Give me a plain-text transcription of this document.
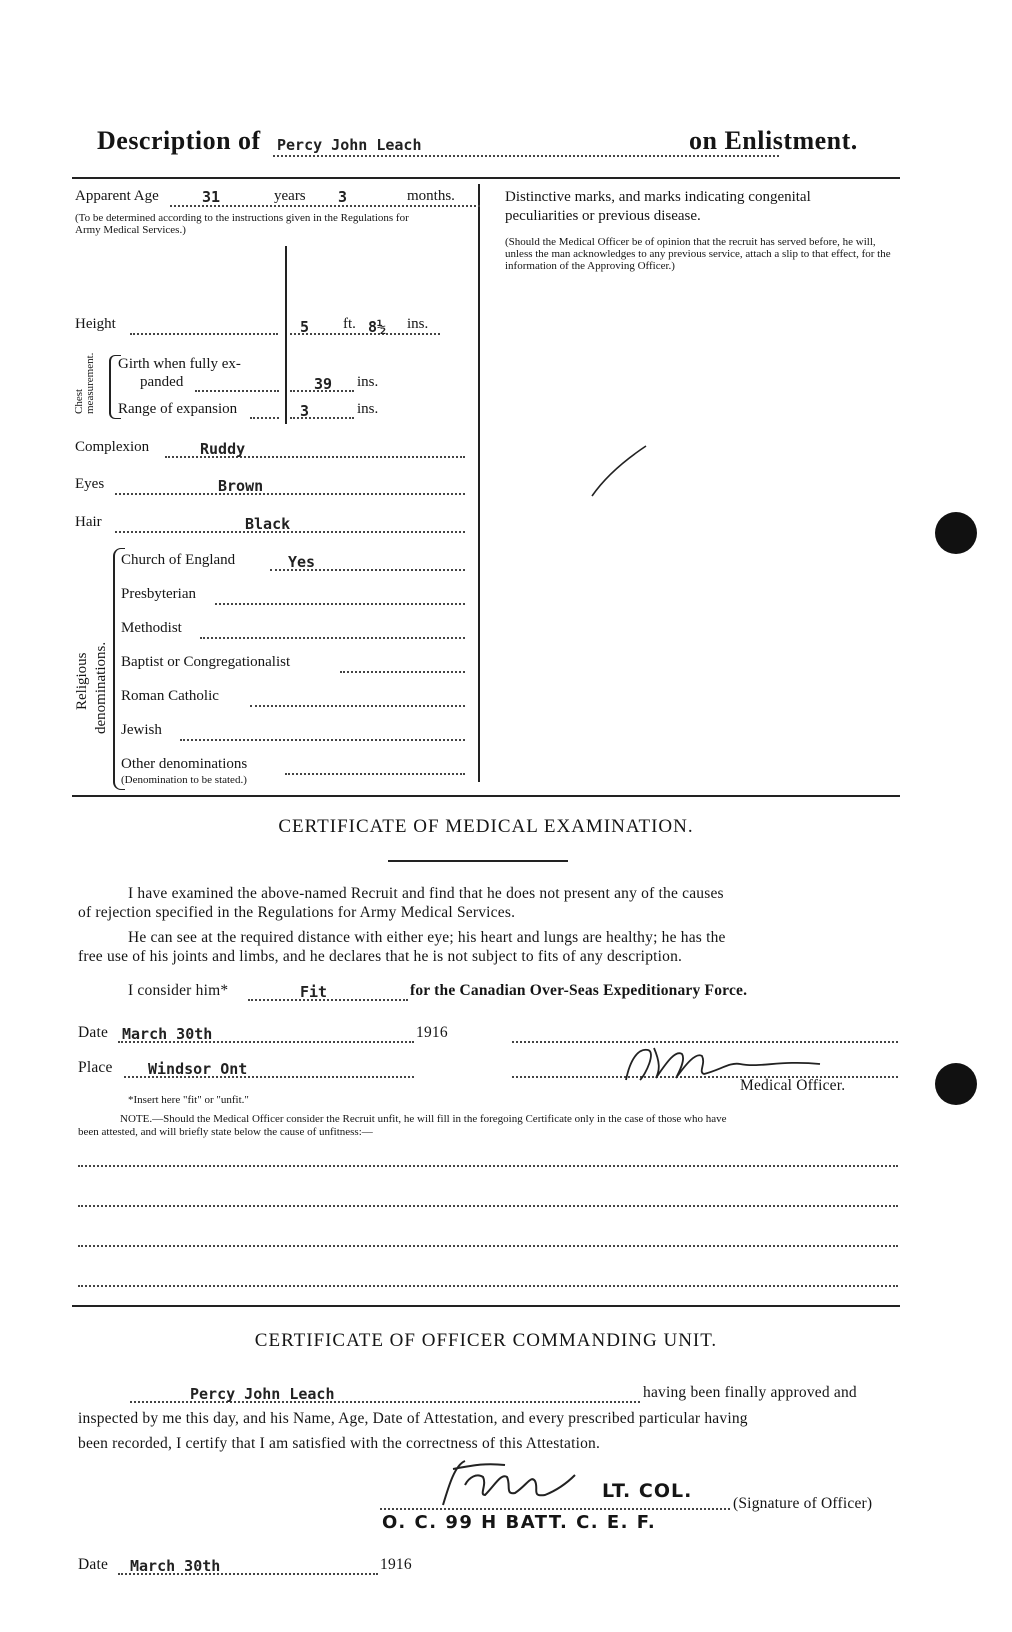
Description of Percy John Leach	on Enlistment.
Apparent Age	31	years 3	months.
(To be determined according to the instructions given in the Regulations for Army Medical Services.)
Height	5 ft. 8½ ins.
Chest measurement. Girth when fully ex-
panded	39 ins.
Range of expansion	3	ins.
Complexion	Ruddy
Eyes	Brown
Hair	Black
Religious denominations.
Church of England	Yes
Presbyterian
Methodist
Baptist or Congregationalist
Roman Catholic
Jewish
Other denominations
(Denomination to be stated.)
Distinctive marks, and marks indicating congenital
peculiarities or previous disease.
(Should the Medical Officer be of opinion that the recruit has served before, he will, unless the man acknowledges to any previous service, attach a slip to that effect, for the information of the Approving Officer.)
CERTIFICATE OF MEDICAL EXAMINATION.
I have examined the above-named Recruit and find that he does not present any of the causes
of rejection specified in the Regulations for Army Medical Services.
He can see at the required distance with either eye; his heart and lungs are healthy; he has the
free use of his joints and limbs, and he declares that he is not subject to fits of any description.
I consider him*	Fit	for the Canadian Over-Seas Expeditionary Force.
Date March 30th	1916
Place Windsor Ont
Medical Officer.
*Insert here "fit" or "unfit."
NOTE.—Should the Medical Officer consider the Recruit unfit, he will fill in the foregoing Certificate only in the case of those who have
been attested, and will briefly state below the cause of unfitness:—
CERTIFICATE OF OFFICER COMMANDING UNIT.
Percy John Leach	having been finally approved and
inspected by me this day, and his Name, Age, Date of Attestation, and every prescribed particular having
been recorded, I certify that I am satisfied with the correctness of this Attestation.
LT. COL.
(Signature of Officer)
O. C. 99 H BATT. C. E. F.
Date March 30th	1916
